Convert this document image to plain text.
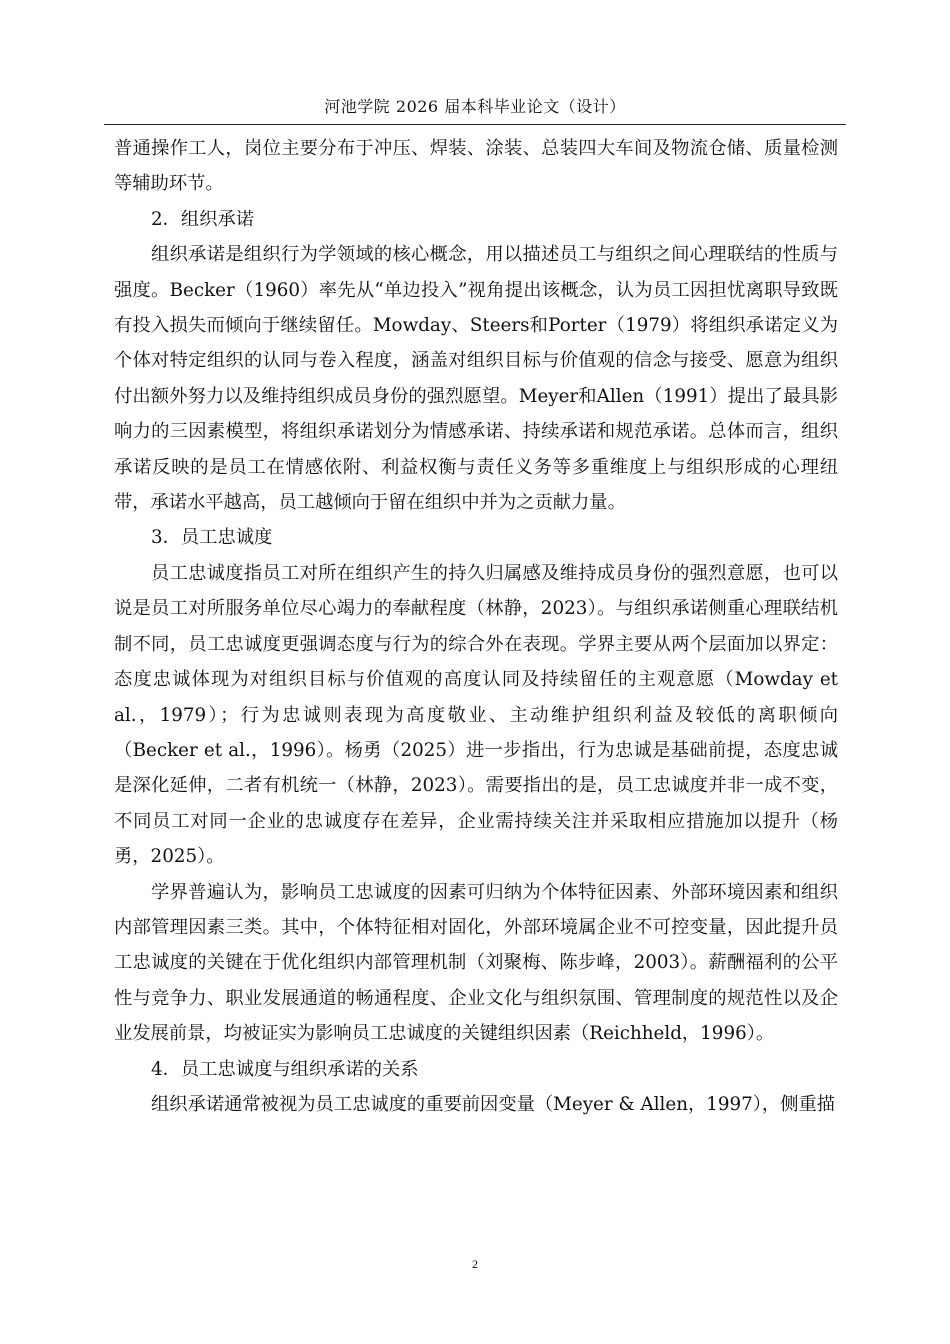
河池学院 2026 届本科毕业论文（设计）

普通操作工人，岗位主要分布于冲压、焊装、涂装、总装四大车间及物流仓储、质量检测等辅助环节。

2．组织承诺

组织承诺是组织行为学领域的核心概念，用以描述员工与组织之间心理联结的性质与强度。Becker（1960）率先从“单边投入”视角提出该概念，认为员工因担忧离职导致既有投入损失而倾向于继续留任。Mowday、Steers和Porter（1979）将组织承诺定义为个体对特定组织的认同与卷入程度，涵盖对组织目标与价值观的信念与接受、愿意为组织付出额外努力以及维持组织成员身份的强烈愿望。Meyer和Allen（1991）提出了最具影响力的三因素模型，将组织承诺划分为情感承诺、持续承诺和规范承诺。总体而言，组织承诺反映的是员工在情感依附、利益权衡与责任义务等多重维度上与组织形成的心理纽带，承诺水平越高，员工越倾向于留在组织中并为之贡献力量。

3．员工忠诚度

员工忠诚度指员工对所在组织产生的持久归属感及维持成员身份的强烈意愿，也可以说是员工对所服务单位尽心竭力的奉献程度（林静，2023）。与组织承诺侧重心理联结机制不同，员工忠诚度更强调态度与行为的综合外在表现。学界主要从两个层面加以界定：态度忠诚体现为对组织目标与价值观的高度认同及持续留任的主观意愿（Mowday et al.，1979）；行为忠诚则表现为高度敬业、主动维护组织利益及较低的离职倾向（Becker et al.，1996）。杨勇（2025）进一步指出，行为忠诚是基础前提，态度忠诚是深化延伸，二者有机统一（林静，2023）。需要指出的是，员工忠诚度并非一成不变，不同员工对同一企业的忠诚度存在差异，企业需持续关注并采取相应措施加以提升（杨勇，2025）。

学界普遍认为，影响员工忠诚度的因素可归纳为个体特征因素、外部环境因素和组织内部管理因素三类。其中，个体特征相对固化，外部环境属企业不可控变量，因此提升员工忠诚度的关键在于优化组织内部管理机制（刘聚梅、陈步峰，2003）。薪酬福利的公平性与竞争力、职业发展通道的畅通程度、企业文化与组织氛围、管理制度的规范性以及企业发展前景，均被证实为影响员工忠诚度的关键组织因素（Reichheld，1996）。

4．员工忠诚度与组织承诺的关系

组织承诺通常被视为员工忠诚度的重要前因变量（Meyer & Allen，1997），侧重描

2
